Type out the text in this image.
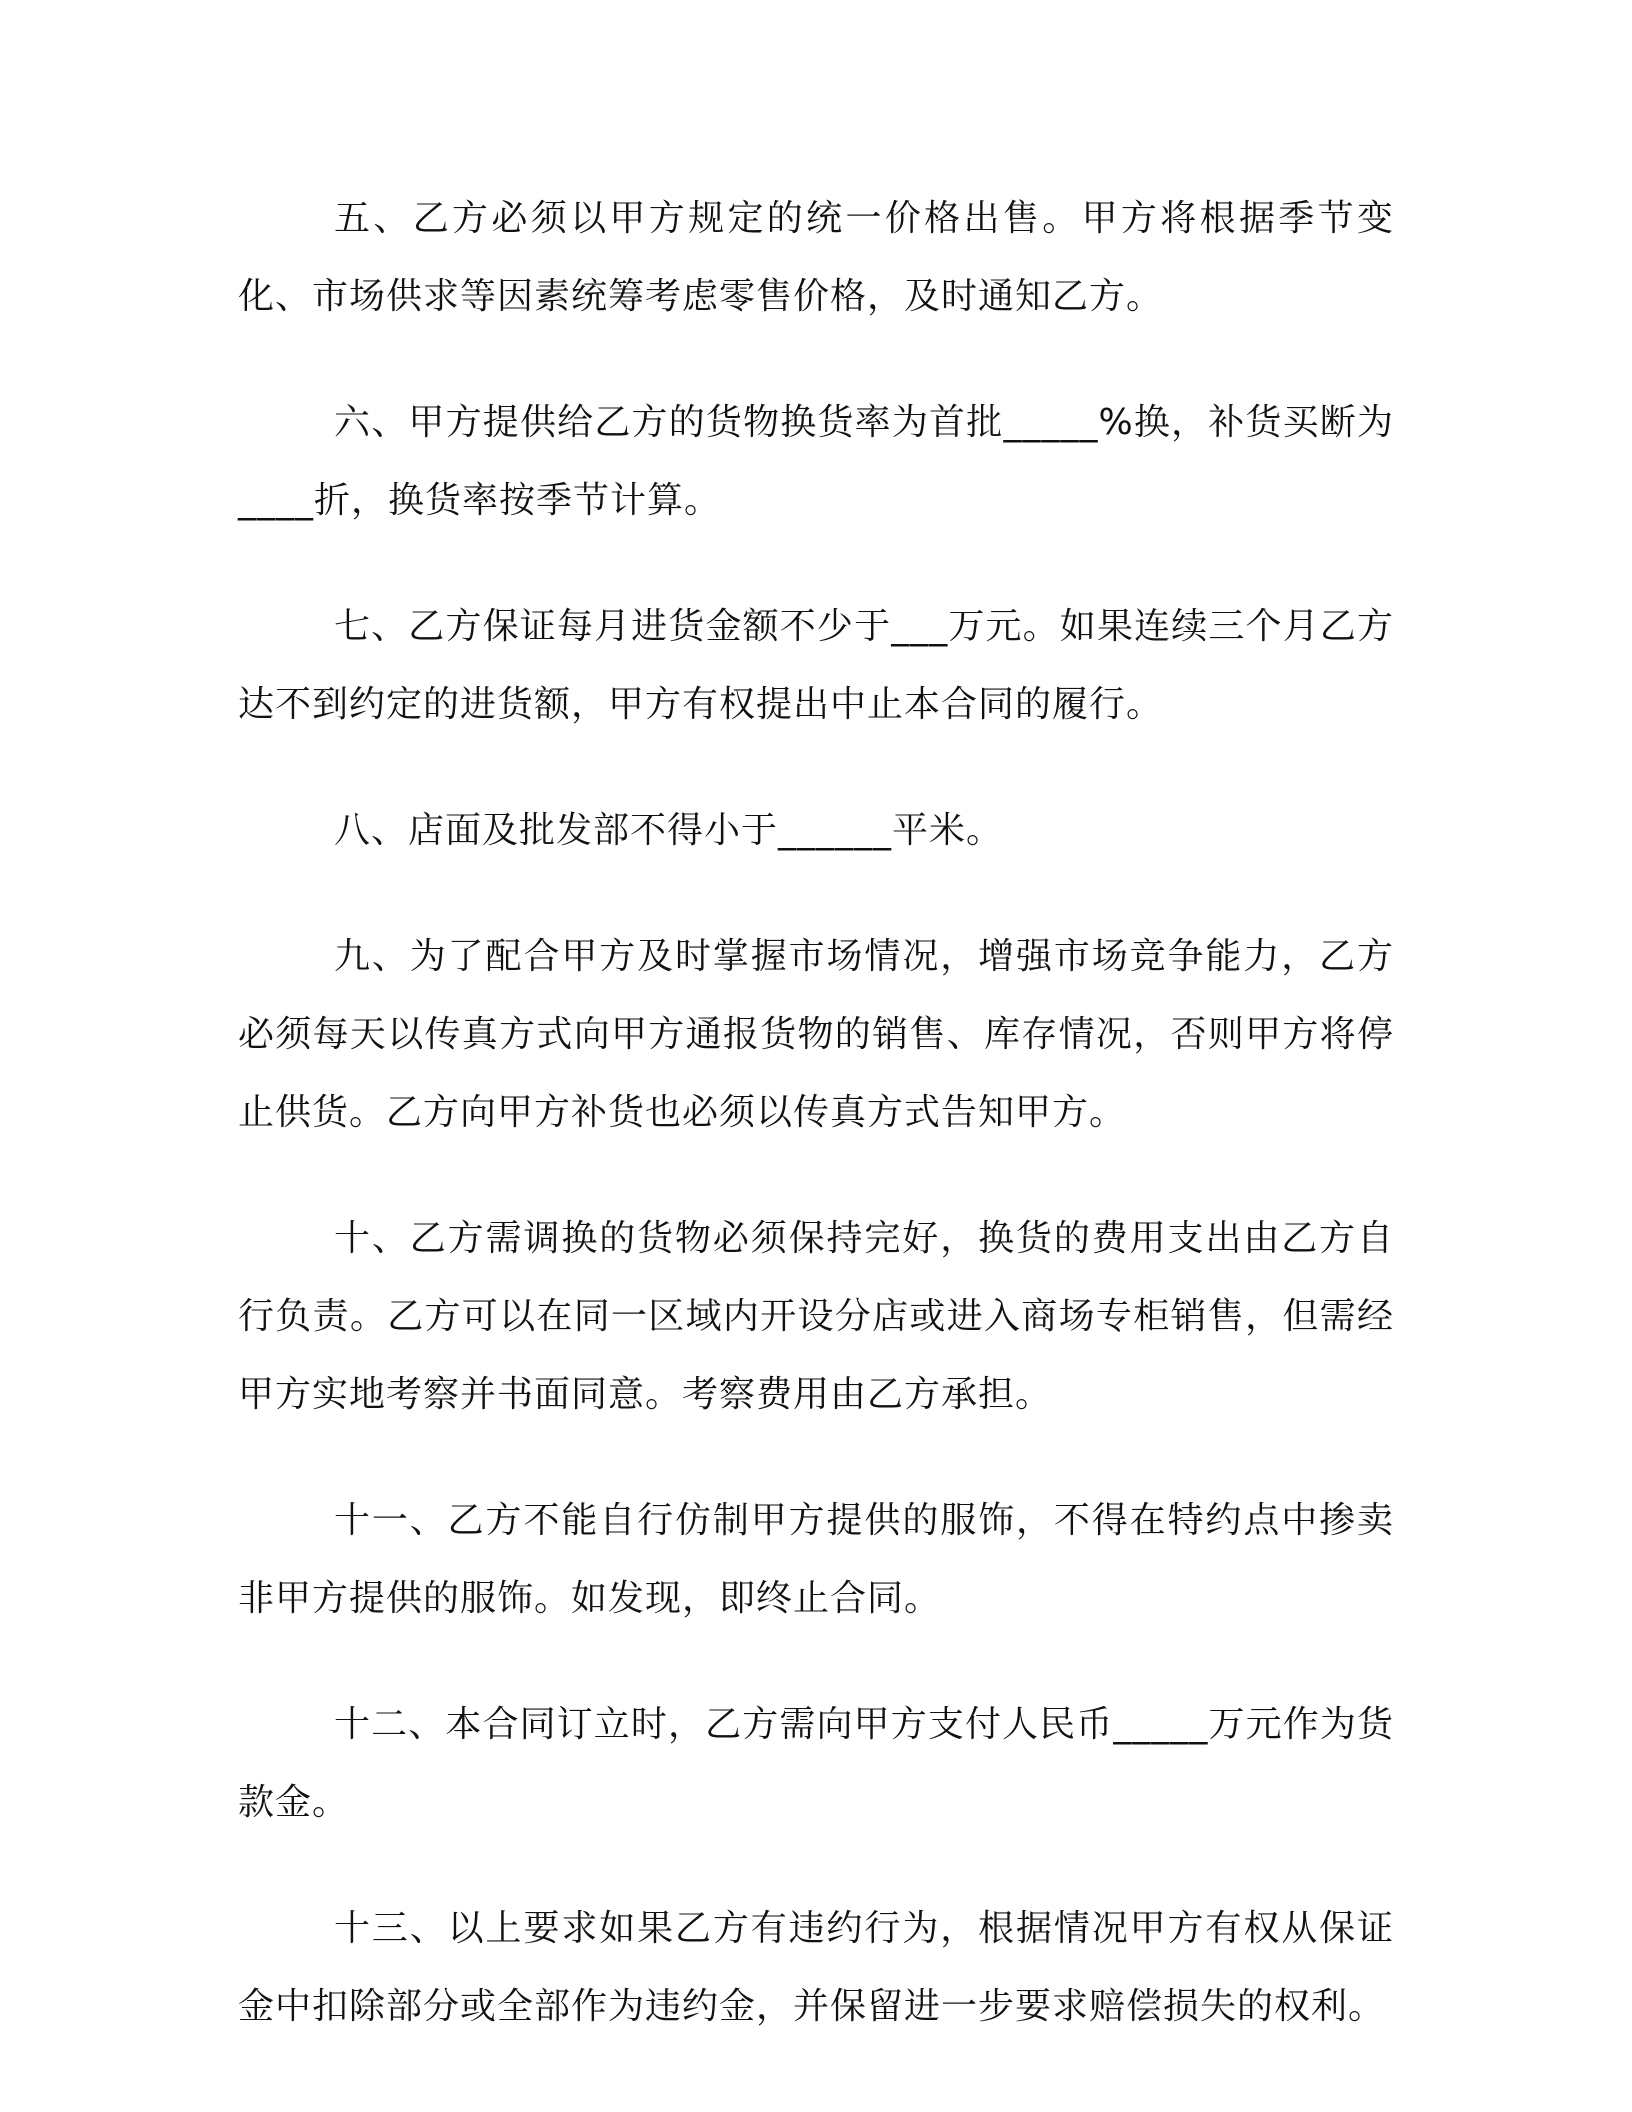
五、乙方必须以甲方规定的统一价格出售。甲方将根据季节变化、市场供求等因素统筹考虑零售价格，及时通知乙方。

六、甲方提供给乙方的货物换货率为首批_____%换，补货买断为____折，换货率按季节计算。

七、乙方保证每月进货金额不少于___万元。如果连续三个月乙方达不到约定的进货额，甲方有权提出中止本合同的履行。

八、店面及批发部不得小于______平米。

九、为了配合甲方及时掌握市场情况，增强市场竞争能力，乙方必须每天以传真方式向甲方通报货物的销售、库存情况，否则甲方将停止供货。乙方向甲方补货也必须以传真方式告知甲方。

十、乙方需调换的货物必须保持完好，换货的费用支出由乙方自行负责。乙方可以在同一区域内开设分店或进入商场专柜销售，但需经甲方实地考察并书面同意。考察费用由乙方承担。

十一、乙方不能自行仿制甲方提供的服饰，不得在特约点中掺卖非甲方提供的服饰。如发现，即终止合同。

十二、本合同订立时，乙方需向甲方支付人民币_____万元作为货款金。

十三、以上要求如果乙方有违约行为，根据情况甲方有权从保证金中扣除部分或全部作为违约金，并保留进一步要求赔偿损失的权利。
